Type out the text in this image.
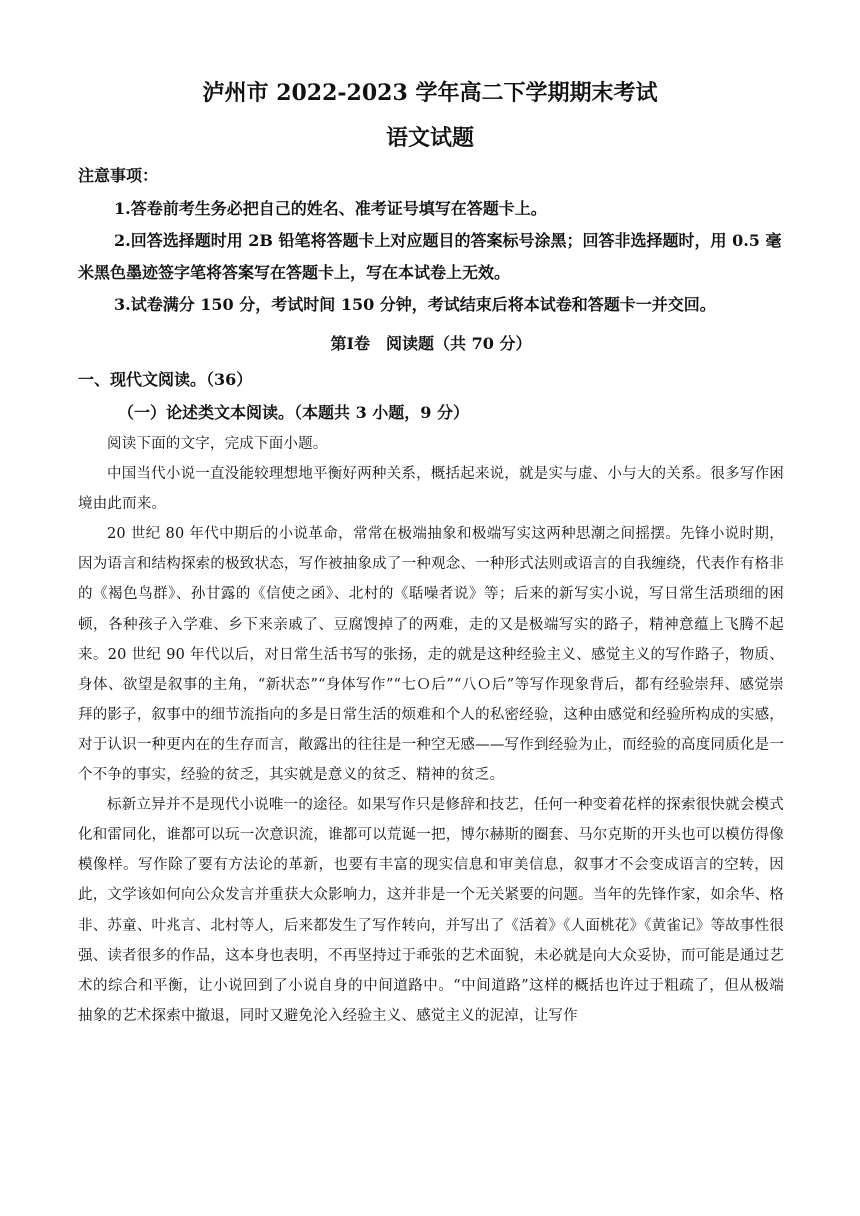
泸州市 2022-2023 学年高二下学期期末考试
语文试题
注意事项：

1.答卷前考生务必把自己的姓名、准考证号填写在答题卡上。

2.回答选择题时用 2B 铅笔将答题卡上对应题目的答案标号涂黑；回答非选择题时，用 0.5 毫米黑色墨迹签字笔将答案写在答题卡上，写在本试卷上无效。

3.试卷满分 150 分，考试时间 150 分钟，考试结束后将本试卷和答题卡一并交回。

第Ⅰ卷　阅读题（共 70 分）
一、现代文阅读。（36）
（一）论述类文本阅读。（本题共 3 小题，9 分）

阅读下面的文字，完成下面小题。

中国当代小说一直没能较理想地平衡好两种关系，概括起来说，就是实与虚、小与大的关系。很多写作困境由此而来。

20 世纪 80 年代中期后的小说革命，常常在极端抽象和极端写实这两种思潮之间摇摆。先锋小说时期，因为语言和结构探索的极致状态，写作被抽象成了一种观念、一种形式法则或语言的自我缠绕，代表作有格非的《褐色鸟群》、孙甘露的《信使之函》、北村的《聒噪者说》等；后来的新写实小说，写日常生活琐细的困顿，各种孩子入学难、乡下来亲戚了、豆腐馊掉了的两难，走的又是极端写实的路子，精神意蕴上飞腾不起来。20 世纪 90 年代以后，对日常生活书写的张扬，走的就是这种经验主义、感觉主义的写作路子，物质、身体、欲望是叙事的主角，“新状态”“身体写作”“七Ｏ后”“八Ｏ后”等写作现象背后，都有经验崇拜、感觉崇拜的影子，叙事中的细节流指向的多是日常生活的烦难和个人的私密经验，这种由感觉和经验所构成的实感，对于认识一种更内在的生存而言，敞露出的往往是一种空无感——写作到经验为止，而经验的高度同质化是一个不争的事实，经验的贫乏，其实就是意义的贫乏、精神的贫乏。

标新立异并不是现代小说唯一的途径。如果写作只是修辞和技艺，任何一种变着花样的探索很快就会模式化和雷同化，谁都可以玩一次意识流，谁都可以荒诞一把，博尔赫斯的圈套、马尔克斯的开头也可以模仿得像模像样。写作除了要有方法论的革新，也要有丰富的现实信息和审美信息，叙事才不会变成语言的空转，因此，文学该如何向公众发言并重获大众影响力，这并非是一个无关紧要的问题。当年的先锋作家，如余华、格非、苏童、叶兆言、北村等人，后来都发生了写作转向，并写出了《活着》《人面桃花》《黄雀记》等故事性很强、读者很多的作品，这本身也表明，不再坚持过于乖张的艺术面貌，未必就是向大众妥协，而可能是通过艺术的综合和平衡，让小说回到了小说自身的中间道路中。“中间道路”这样的概括也许过于粗疏了，但从极端抽象的艺术探索中撤退，同时又避免沦入经验主义、感觉主义的泥淖，让写作
